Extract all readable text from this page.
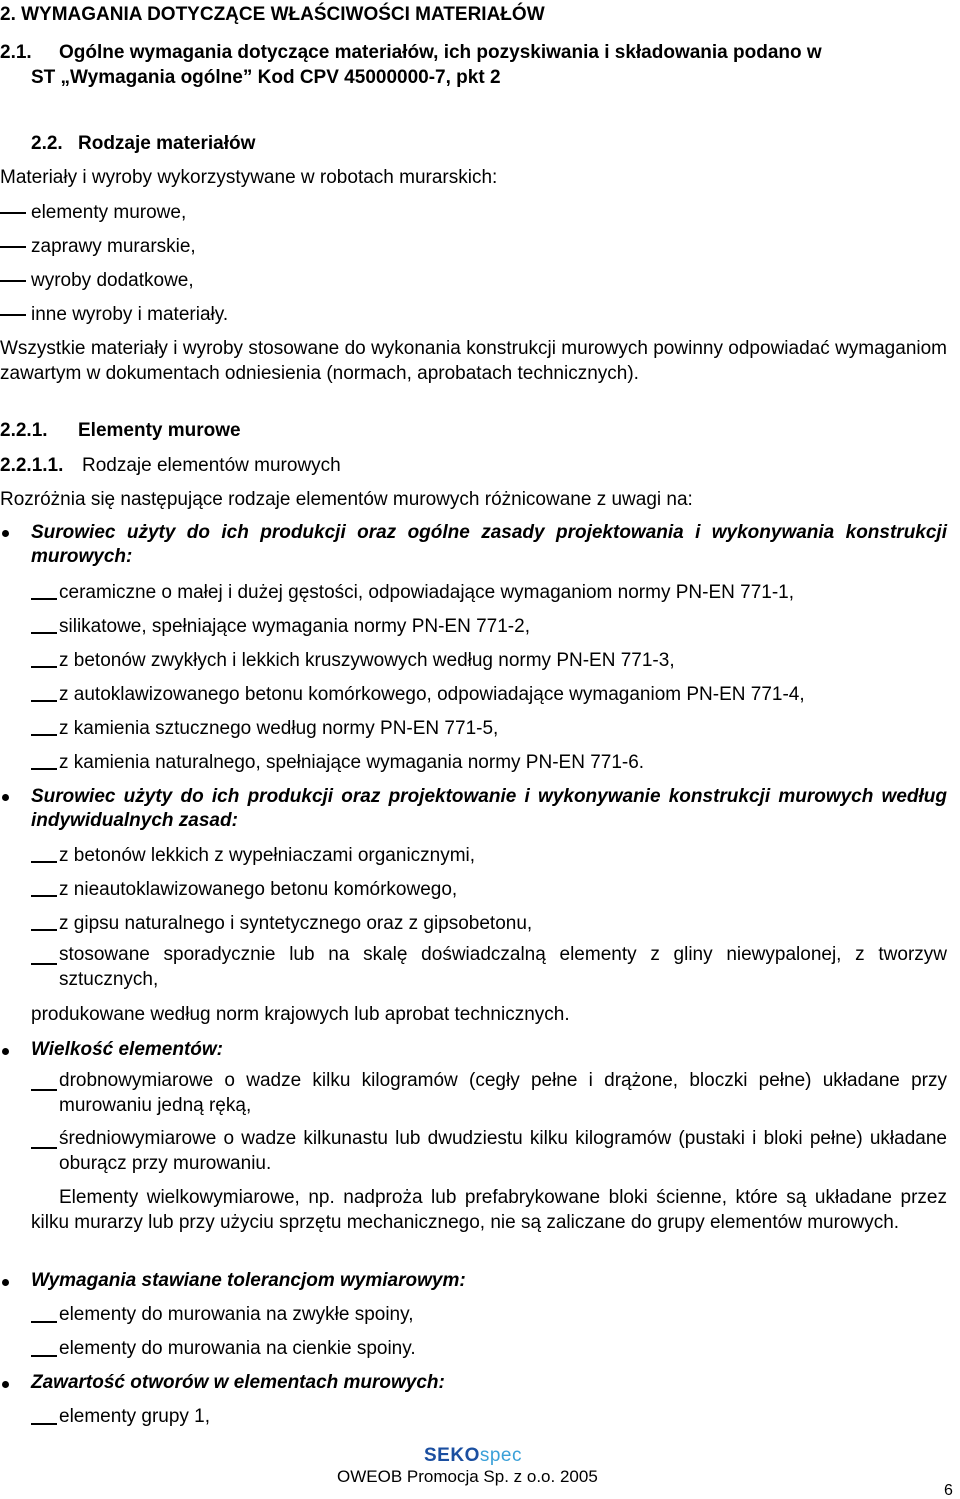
2. WYMAGANIA DOTYCZĄCE WŁAŚCIWOŚCI MATERIAŁÓW
2.1. Ogólne wymagania dotyczące materiałów, ich pozyskiwania i składowania podano w
ST „Wymagania ogólne” Kod CPV 45000000-7, pkt 2
2.2. Rodzaje materiałów
Materiały i wyroby wykorzystywane w robotach murarskich:
elementy murowe,
zaprawy murarskie,
wyroby dodatkowe,
inne wyroby i materiały.
Wszystkie materiały i wyroby stosowane do wykonania konstrukcji murowych powinny odpowiadać wymaganiom zawartym w dokumentach odniesienia (normach, aprobatach technicznych).
2.2.1. Elementy murowe
2.2.1.1. Rodzaje elementów murowych
Rozróżnia się następujące rodzaje elementów murowych różnicowane z uwagi na:
Surowiec użyty do ich produkcji oraz ogólne zasady projektowania i wykonywania konstrukcji murowych:
ceramiczne o małej i dużej gęstości, odpowiadające wymaganiom normy PN-EN 771-1,
silikatowe, spełniające wymagania normy PN-EN 771-2,
z betonów zwykłych i lekkich kruszywowych według normy PN-EN 771-3,
z autoklawizowanego betonu komórkowego, odpowiadające wymaganiom PN-EN 771-4,
z kamienia sztucznego według normy PN-EN 771-5,
z kamienia naturalnego, spełniające wymagania normy PN-EN 771-6.
Surowiec użyty do ich produkcji oraz projektowanie i wykonywanie konstrukcji murowych według indywidualnych zasad:
z betonów lekkich z wypełniaczami organicznymi,
z nieautoklawizowanego betonu komórkowego,
z gipsu naturalnego i syntetycznego oraz z gipsobetonu,
stosowane sporadycznie lub na skalę doświadczalną elementy z gliny niewypalonej, z tworzyw sztucznych,
produkowane według norm krajowych lub aprobat technicznych.
Wielkość elementów:
drobnowymiarowe o wadze kilku kilogramów (cegły pełne i drążone, bloczki pełne) układane przy murowaniu jedną ręką,
średniowymiarowe o wadze kilkunastu lub dwudziestu kilku kilogramów (pustaki i bloki pełne) układane oburącz przy murowaniu.
Elementy wielkowymiarowe, np. nadproża lub prefabrykowane bloki ścienne, które są układane przez kilku murarzy lub przy użyciu sprzętu mechanicznego, nie są zaliczane do grupy elementów murowych.
Wymagania stawiane tolerancjom wymiarowym:
elementy do murowania na zwykłe spoiny,
elementy do murowania na cienkie spoiny.
Zawartość otworów w elementach murowych:
elementy grupy 1,
SEKOspec
OWEOB Promocja Sp. z o.o. 2005
6
